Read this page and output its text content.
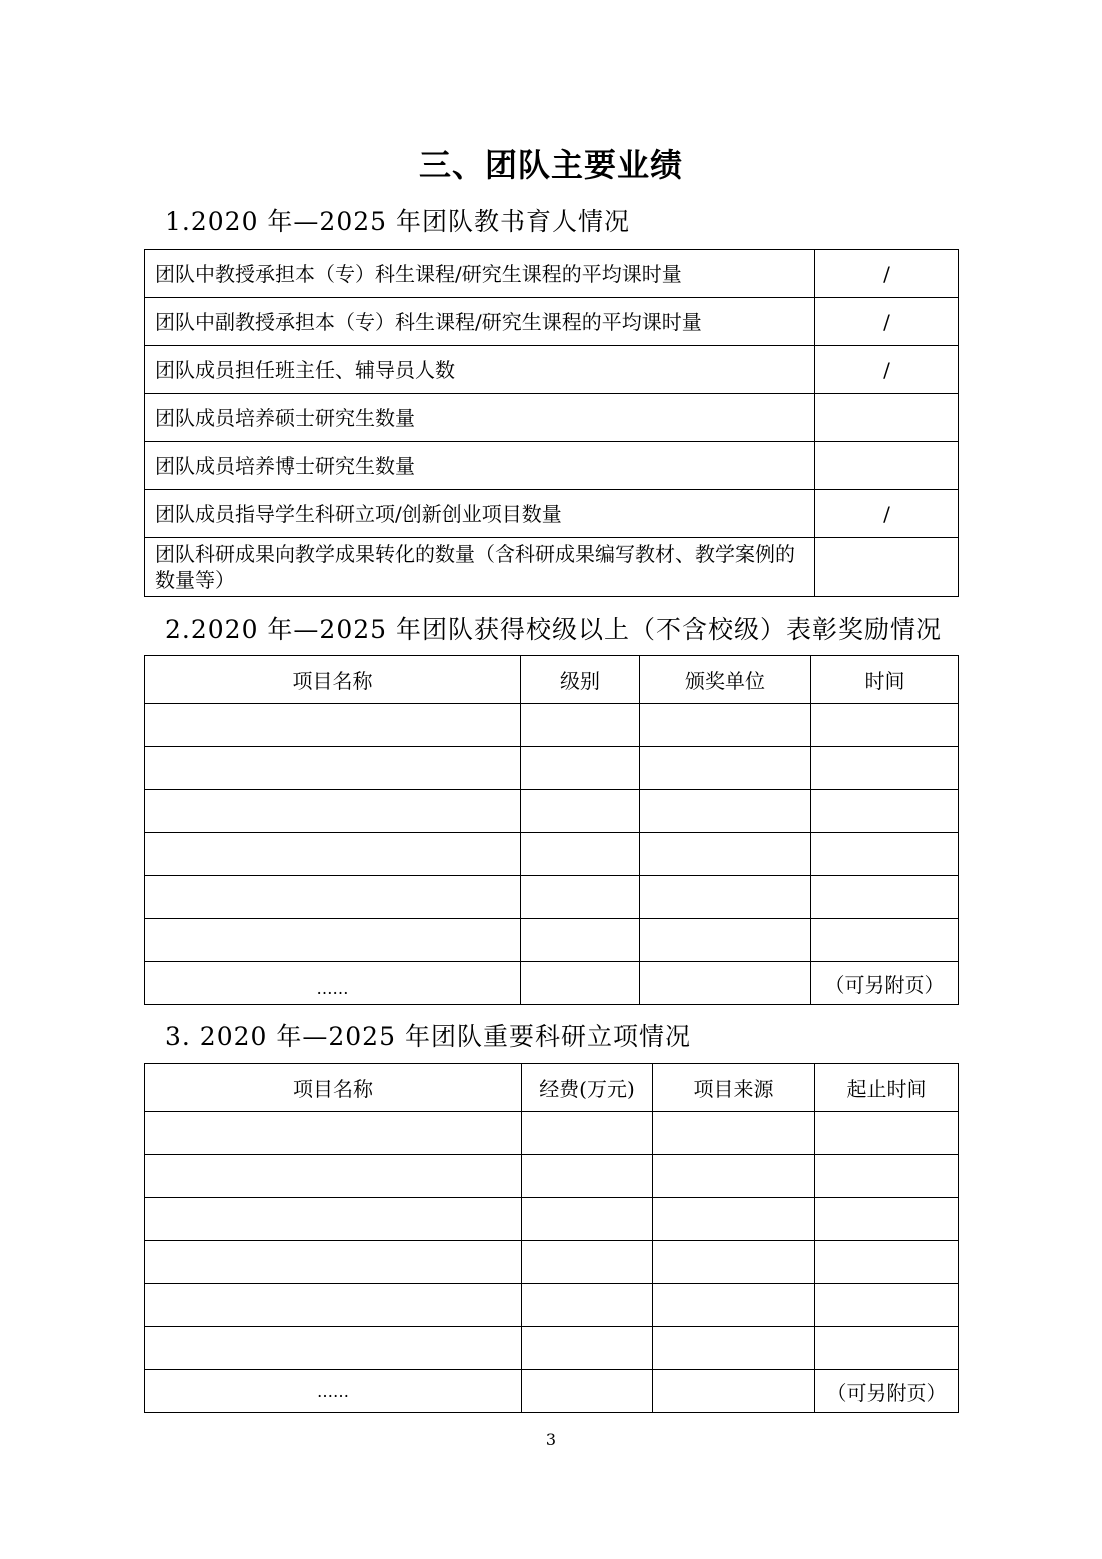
三、团队主要业绩
1.2020 年—2025 年团队教书育人情况
团队中教授承担本（专）科生课程/研究生课程的平均课时量	/
团队中副教授承担本（专）科生课程/研究生课程的平均课时量	/
团队成员担任班主任、辅导员人数	/
团队成员培养硕士研究生数量	
团队成员培养博士研究生数量	
团队成员指导学生科研立项/创新创业项目数量	/
团队科研成果向教学成果转化的数量（含科研成果编写教材、教学案例的数量等）	
2.2020 年—2025 年团队获得校级以上（不含校级）表彰奖励情况
项目名称	级别	颁奖单位	时间

……			（可另附页）
3. 2020 年—2025 年团队重要科研立项情况
项目名称	经费(万元)	项目来源	起止时间

……			（可另附页）
3
